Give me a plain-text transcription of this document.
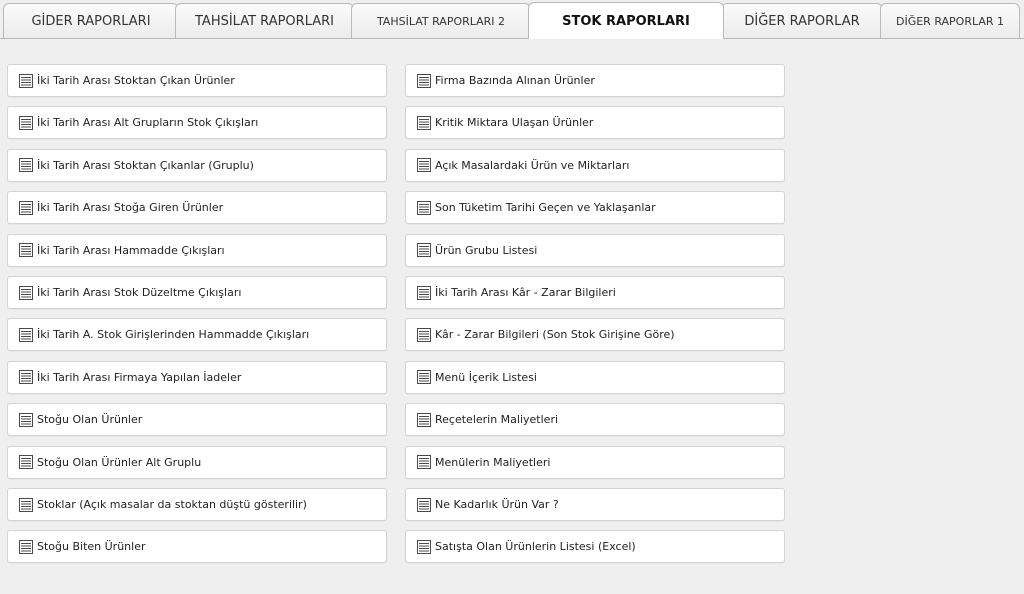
GİDER RAPORLARI	TAHSİLAT RAPORLARI	TAHSİLAT RAPORLARI 2	STOK RAPORLARI	DİĞER RAPORLAR	DİĞER RAPORLAR 1
İki Tarih Arası Stoktan Çıkan Ürünler
İki Tarih Arası Alt Grupların Stok Çıkışları
İki Tarih Arası Stoktan Çıkanlar (Gruplu)
İki Tarih Arası Stoğa Giren Ürünler
İki Tarih Arası Hammadde Çıkışları
İki Tarih Arası Stok Düzeltme Çıkışları
İki Tarih A. Stok Girişlerinden Hammadde Çıkışları
İki Tarih Arası Firmaya Yapılan İadeler
Stoğu Olan Ürünler
Stoğu Olan Ürünler Alt Gruplu
Stoklar (Açık masalar da stoktan düştü gösterilir)
Stoğu Biten Ürünler
Firma Bazında Alınan Ürünler
Kritik Miktara Ulaşan Ürünler
Açık Masalardaki Ürün ve Miktarları
Son Tüketim Tarihi Geçen ve Yaklaşanlar
Ürün Grubu Listesi
İki Tarih Arası Kâr - Zarar Bilgileri
Kâr - Zarar Bilgileri (Son Stok Girişine Göre)
Menü İçerik Listesi
Reçetelerin Maliyetleri
Menülerin Maliyetleri
Ne Kadarlık Ürün Var ?
Satışta Olan Ürünlerin Listesi (Excel)
